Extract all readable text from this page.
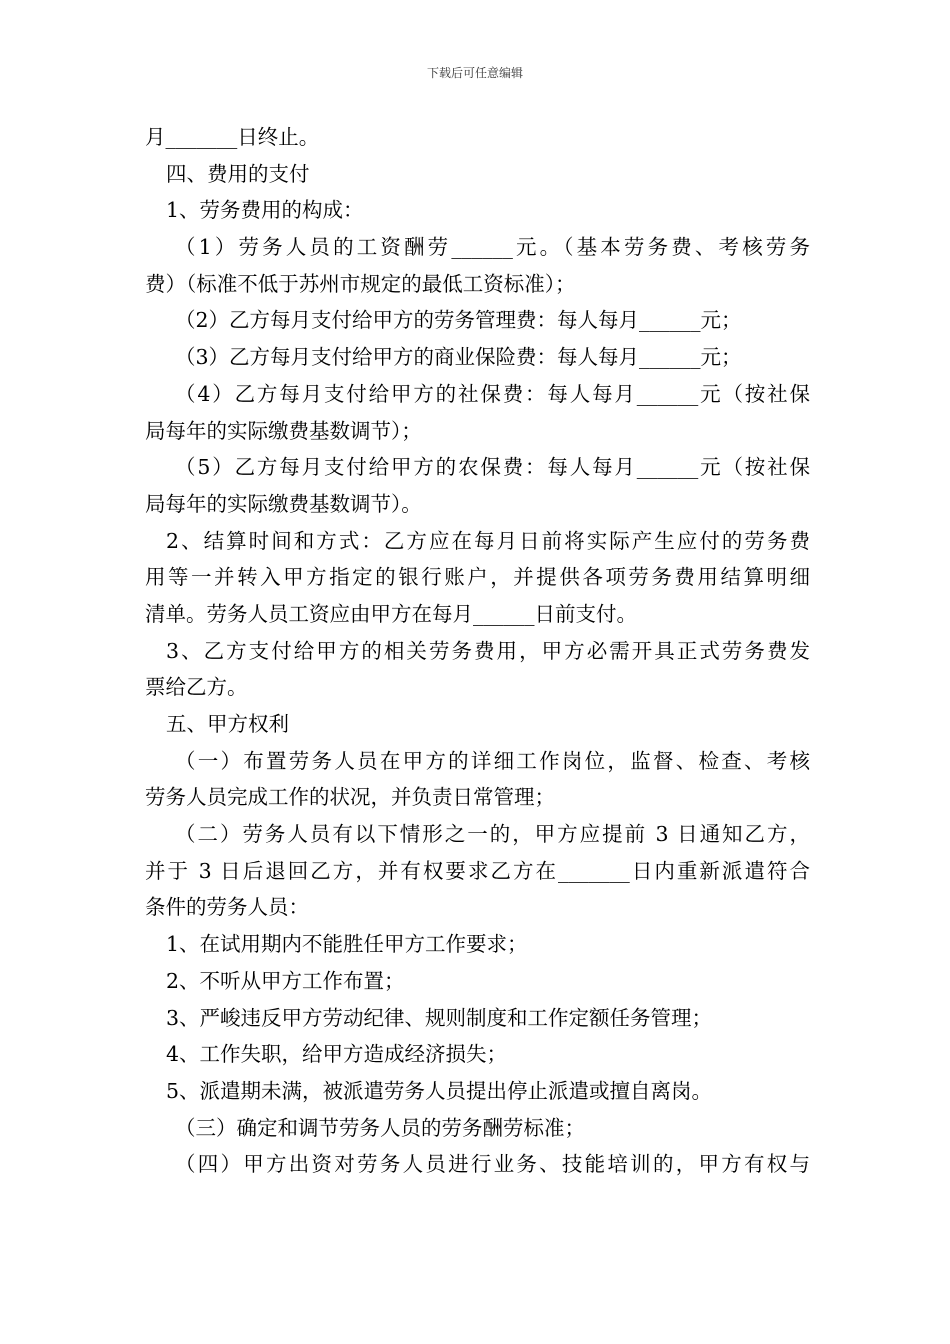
下载后可任意编辑
月_______日终止。
四、费用的支付
1、劳务费用的构成：
（1）劳务人员的工资酬劳______元。（基本劳务费、考核劳务
费）（标准不低于苏州市规定的最低工资标准）；
（2）乙方每月支付给甲方的劳务管理费：每人每月______元；
（3）乙方每月支付给甲方的商业保险费：每人每月______元；
（4）乙方每月支付给甲方的社保费：每人每月______元（按社保
局每年的实际缴费基数调节）；
（5）乙方每月支付给甲方的农保费：每人每月______元（按社保
局每年的实际缴费基数调节）。
2、结算时间和方式：乙方应在每月日前将实际产生应付的劳务费
用等一并转入甲方指定的银行账户，并提供各项劳务费用结算明细
清单。劳务人员工资应由甲方在每月______日前支付。
3、乙方支付给甲方的相关劳务费用，甲方必需开具正式劳务费发
票给乙方。
五、甲方权利
（一）布置劳务人员在甲方的详细工作岗位，监督、检查、考核
劳务人员完成工作的状况，并负责日常管理；
（二）劳务人员有以下情形之一的，甲方应提前 3 日通知乙方，
并于 3 日后退回乙方，并有权要求乙方在_______日内重新派遣符合
条件的劳务人员：
1、在试用期内不能胜任甲方工作要求；
2、不听从甲方工作布置；
3、严峻违反甲方劳动纪律、规则制度和工作定额任务管理；
4、工作失职，给甲方造成经济损失；
5、派遣期未满，被派遣劳务人员提出停止派遣或擅自离岗。
（三）确定和调节劳务人员的劳务酬劳标准；
（四）甲方出资对劳务人员进行业务、技能培训的，甲方有权与
